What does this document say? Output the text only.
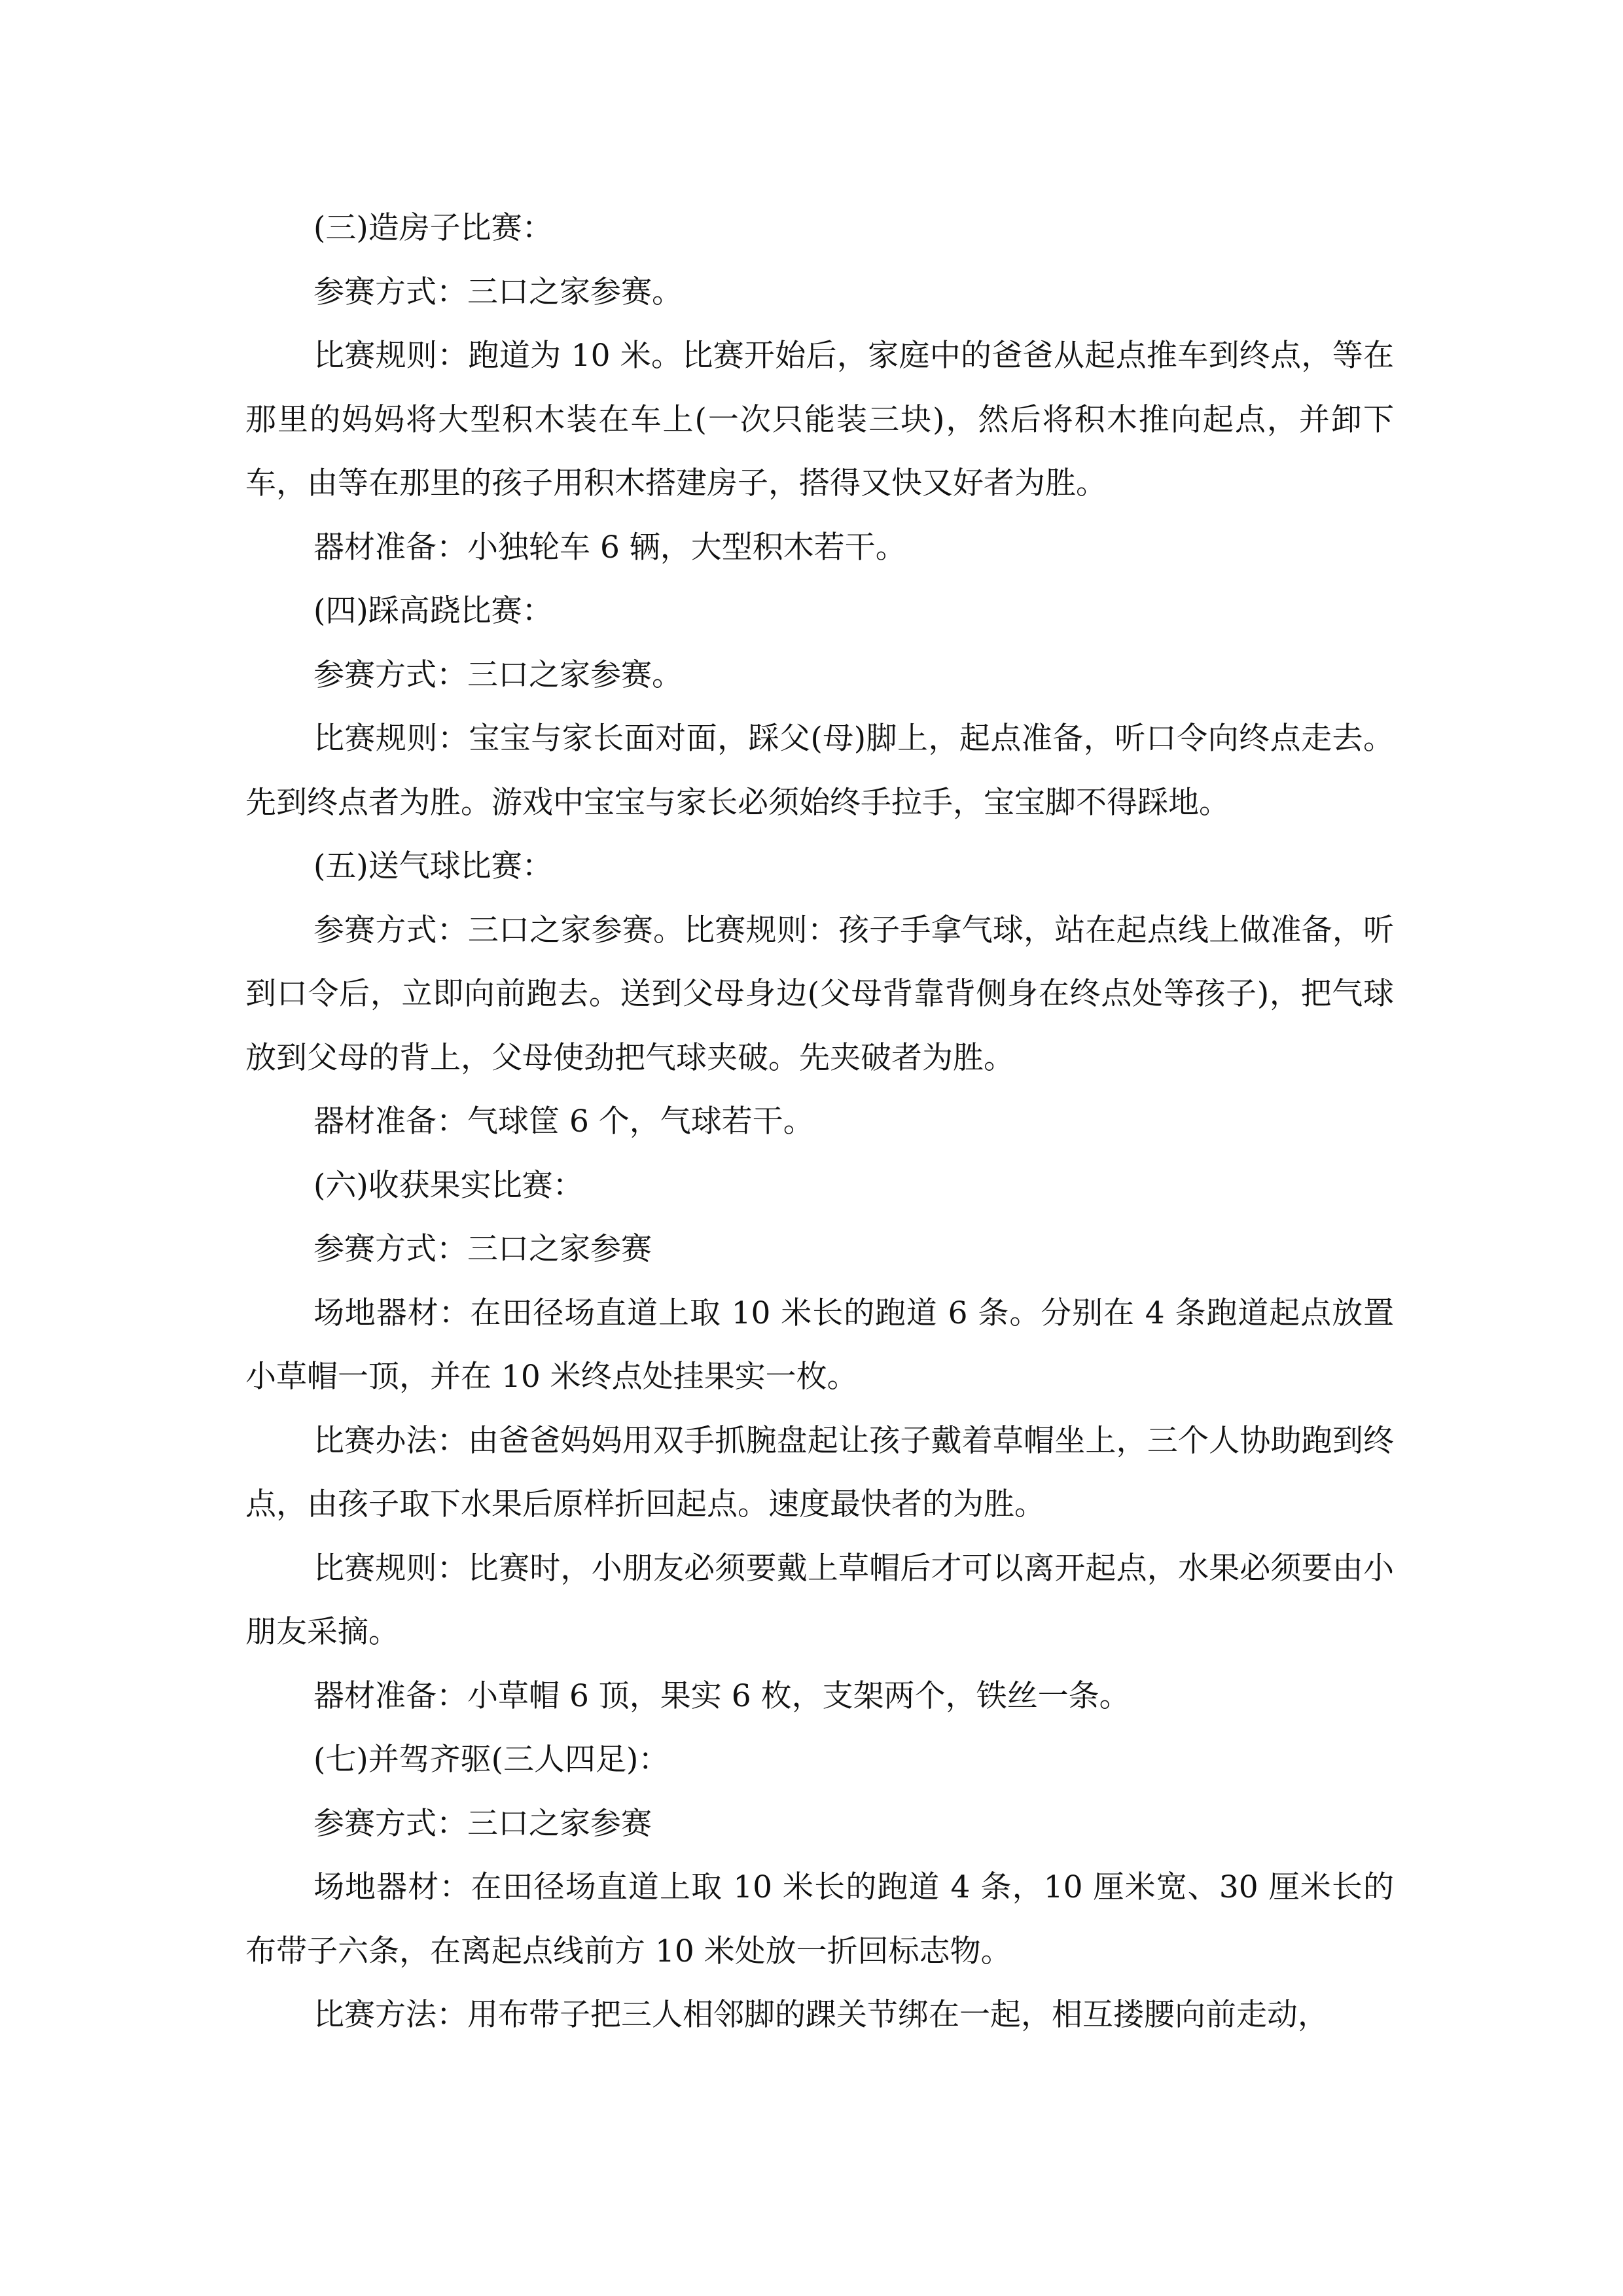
(三)造房子比赛：

参赛方式：三口之家参赛。

比赛规则：跑道为 10 米。比赛开始后，家庭中的爸爸从起点推车到终点，等在那里的妈妈将大型积木装在车上(一次只能装三块)，然后将积木推向起点，并卸下车，由等在那里的孩子用积木搭建房子，搭得又快又好者为胜。

器材准备：小独轮车 6 辆，大型积木若干。

(四)踩高跷比赛：

参赛方式：三口之家参赛。

比赛规则：宝宝与家长面对面，踩父(母)脚上，起点准备，听口令向终点走去。先到终点者为胜。游戏中宝宝与家长必须始终手拉手，宝宝脚不得踩地。

(五)送气球比赛：

参赛方式：三口之家参赛。比赛规则：孩子手拿气球，站在起点线上做准备，听到口令后，立即向前跑去。送到父母身边(父母背靠背侧身在终点处等孩子)，把气球放到父母的背上，父母使劲把气球夹破。先夹破者为胜。

器材准备：气球筐 6 个，气球若干。

(六)收获果实比赛：

参赛方式：三口之家参赛

场地器材：在田径场直道上取 10 米长的跑道 6 条。分别在 4 条跑道起点放置小草帽一顶，并在 10 米终点处挂果实一枚。

比赛办法：由爸爸妈妈用双手抓腕盘起让孩子戴着草帽坐上，三个人协助跑到终点，由孩子取下水果后原样折回起点。速度最快者的为胜。

比赛规则：比赛时，小朋友必须要戴上草帽后才可以离开起点，水果必须要由小朋友采摘。

器材准备：小草帽 6 顶，果实 6 枚，支架两个，铁丝一条。

(七)并驾齐驱(三人四足)：

参赛方式：三口之家参赛

场地器材：在田径场直道上取 10 米长的跑道 4 条，10 厘米宽、30 厘米长的布带子六条，在离起点线前方 10 米处放一折回标志物。

比赛方法：用布带子把三人相邻脚的踝关节绑在一起，相互搂腰向前走动，
